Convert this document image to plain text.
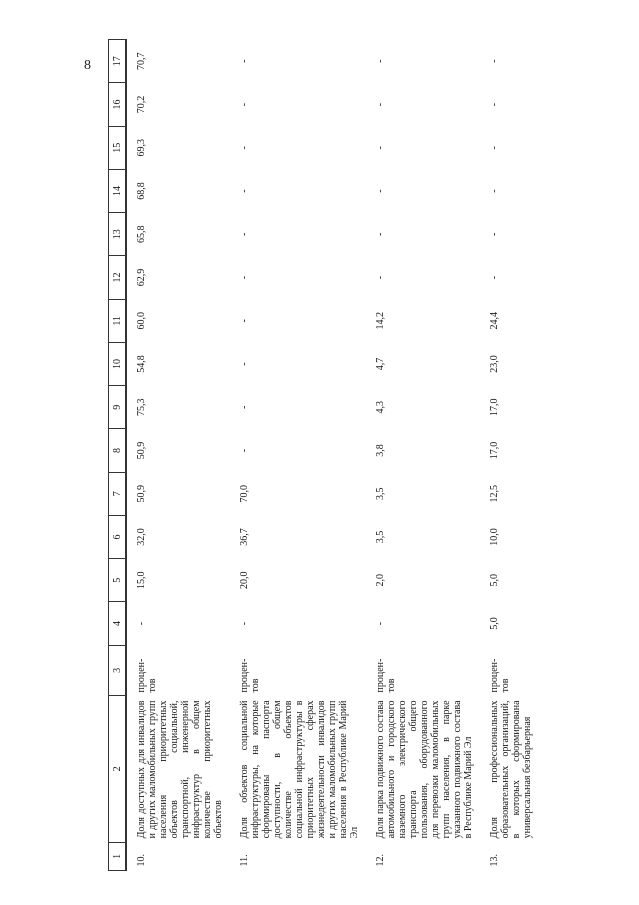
8
1	2	3	4	5	6	7	8	9	10	11	12	13	14	15	16	17
10.	Доля доступных для инвалидов и других маломобильных групп населения приоритетных объектов социальной, транспортной, инженерной инфраструктур в общем количестве приоритетных объектов	процен-тов	-	15,0	32,0	50,9	50,9	75,3	54,8	60,0	62,9	65,8	68,8	69,3	70,2	70,7
11.	Доля объектов социальной инфраструктуры, на которые сформированы паспорта доступности, в общем количестве объектов социальной инфраструктуры в приоритетных сферах жизнедеятельности инвалидов и других маломобильных групп населения в Республике Марий Эл	процен-тов	-	20,0	36,7	70,0	-	-	-	-	-	-	-	-	-	-
12.	Доля парка подвижного состава автомобильного и городского наземного электрического транспорта общего пользования, оборудованного для перевозки маломобильных групп населения, в парке указанного подвижного состава в Республике Марий Эл	процен-тов	-	2,0	3,5	3,5	3,8	4,3	4,7	14,2	-	-	-	-	-	-
13.	Доля профессиональных образовательных организаций, в которых сформирована универсальная безбарьерная	процен-тов	5,0	5,0	10,0	12,5	17,0	17,0	23,0	24,4	-	-	-	-	-	-
